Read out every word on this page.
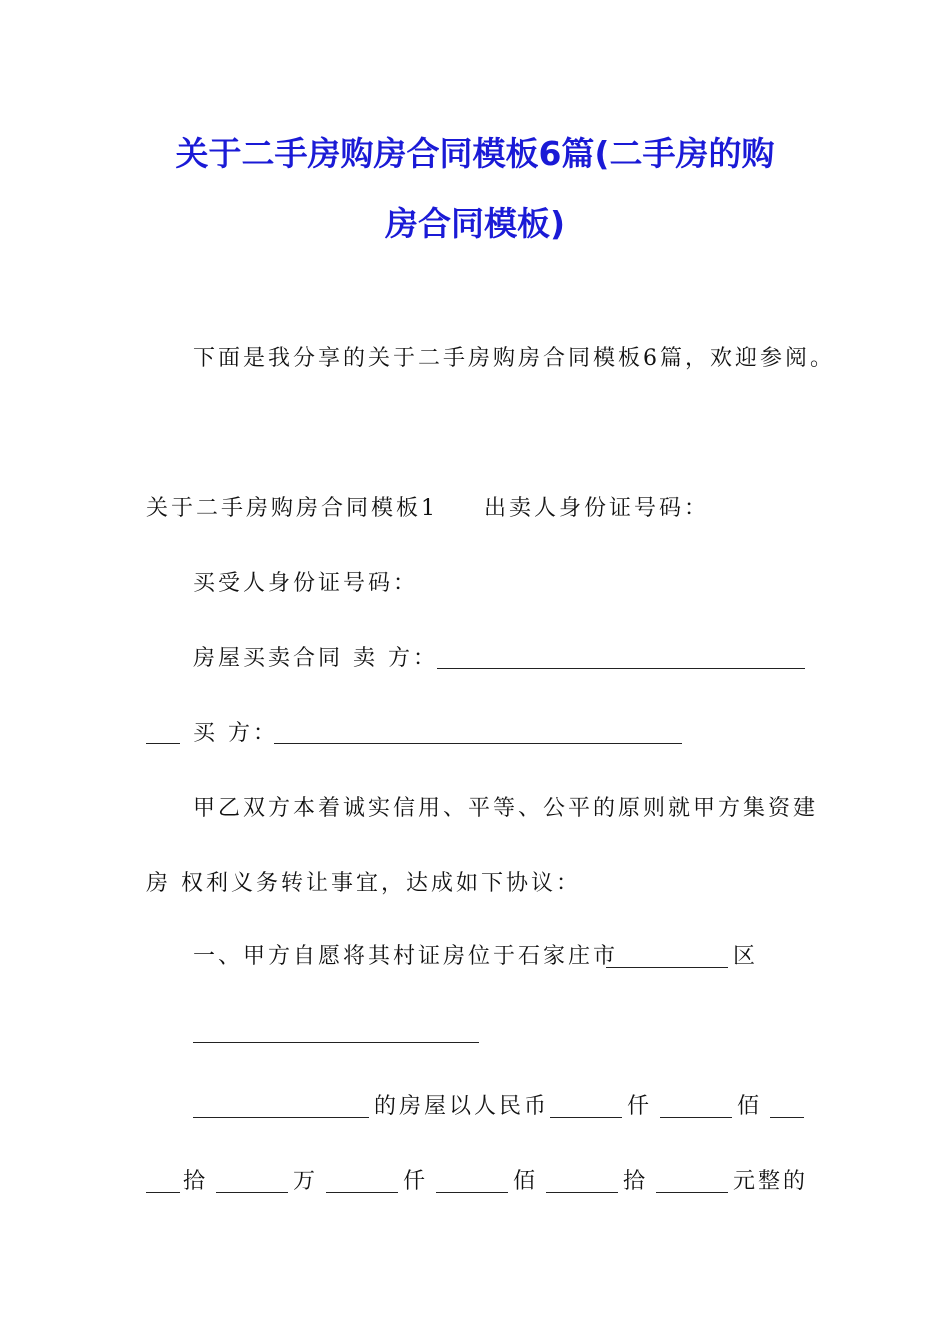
关于二手房购房合同模板6篇(二手房的购
房合同模板)
下面是我分享的关于二手房购房合同模板6篇，欢迎参阅。
关于二手房购房合同模板1 出卖人身份证号码：
买受人身份证号码：
房屋买卖合同 卖 方：
买 方：
甲乙双方本着诚实信用、平等、公平的原则就甲方集资建
房 权利义务转让事宜，达成如下协议：
一、甲方自愿将其村证房位于石家庄市	区
的房屋以人民币	仟	佰
拾	万	仟	佰	拾	元整的
